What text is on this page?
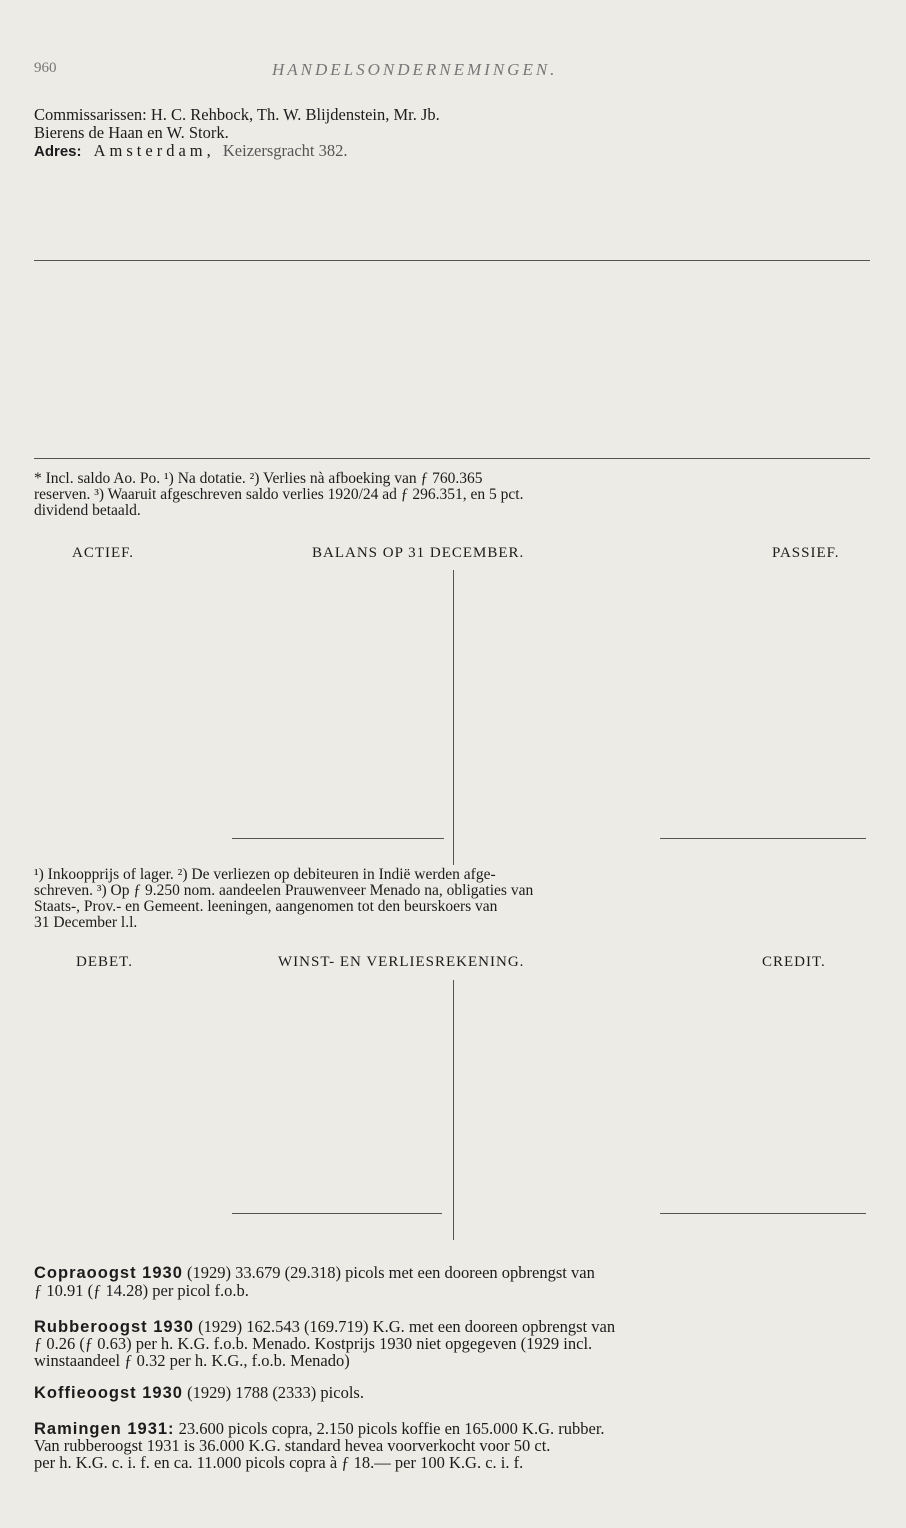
960	HANDELSONDERNEMINGEN.
Commissarissen: H. C. Rehbock, Th. W. Blijdenstein, Mr. Jb.
Bierens de Haan en W. Stork.
Adres: Amsterdam, Keizersgracht 382.
* Incl. saldo Ao. Po. ¹) Na dotatie. ²) Verlies nà afboeking van ƒ 760.365
reserven. ³) Waaruit afgeschreven saldo verlies 1920/24 ad ƒ 296.351, en 5 pct.
dividend betaald.
ACTIEF.	BALANS OP 31 DECEMBER.	PASSIEF.
¹) Inkoopprijs of lager. ²) De verliezen op debiteuren in Indië werden afge-
schreven. ³) Op ƒ 9.250 nom. aandeelen Prauwenveer Menado na, obligaties van
Staats-, Prov.- en Gemeent. leeningen, aangenomen tot den beurskoers van
31 December l.l.
DEBET.	WINST- EN VERLIESREKENING.	CREDIT.
Copraoogst 1930 (1929) 33.679 (29.318) picols met een dooreen opbrengst van
ƒ 10.91 (ƒ 14.28) per picol f.o.b.
Rubberoogst 1930 (1929) 162.543 (169.719) K.G. met een dooreen opbrengst van
ƒ 0.26 (ƒ 0.63) per h. K.G. f.o.b. Menado. Kostprijs 1930 niet opgegeven (1929 incl.
winstaandeel ƒ 0.32 per h. K.G., f.o.b. Menado)
Koffieoogst 1930 (1929) 1788 (2333) picols.
Ramingen 1931: 23.600 picols copra, 2.150 picols koffie en 165.000 K.G. rubber.
Van rubberoogst 1931 is 36.000 K.G. standard hevea voorverkocht voor 50 ct.
per h. K.G. c. i. f. en ca. 11.000 picols copra à ƒ 18.— per 100 K.G. c. i. f.
